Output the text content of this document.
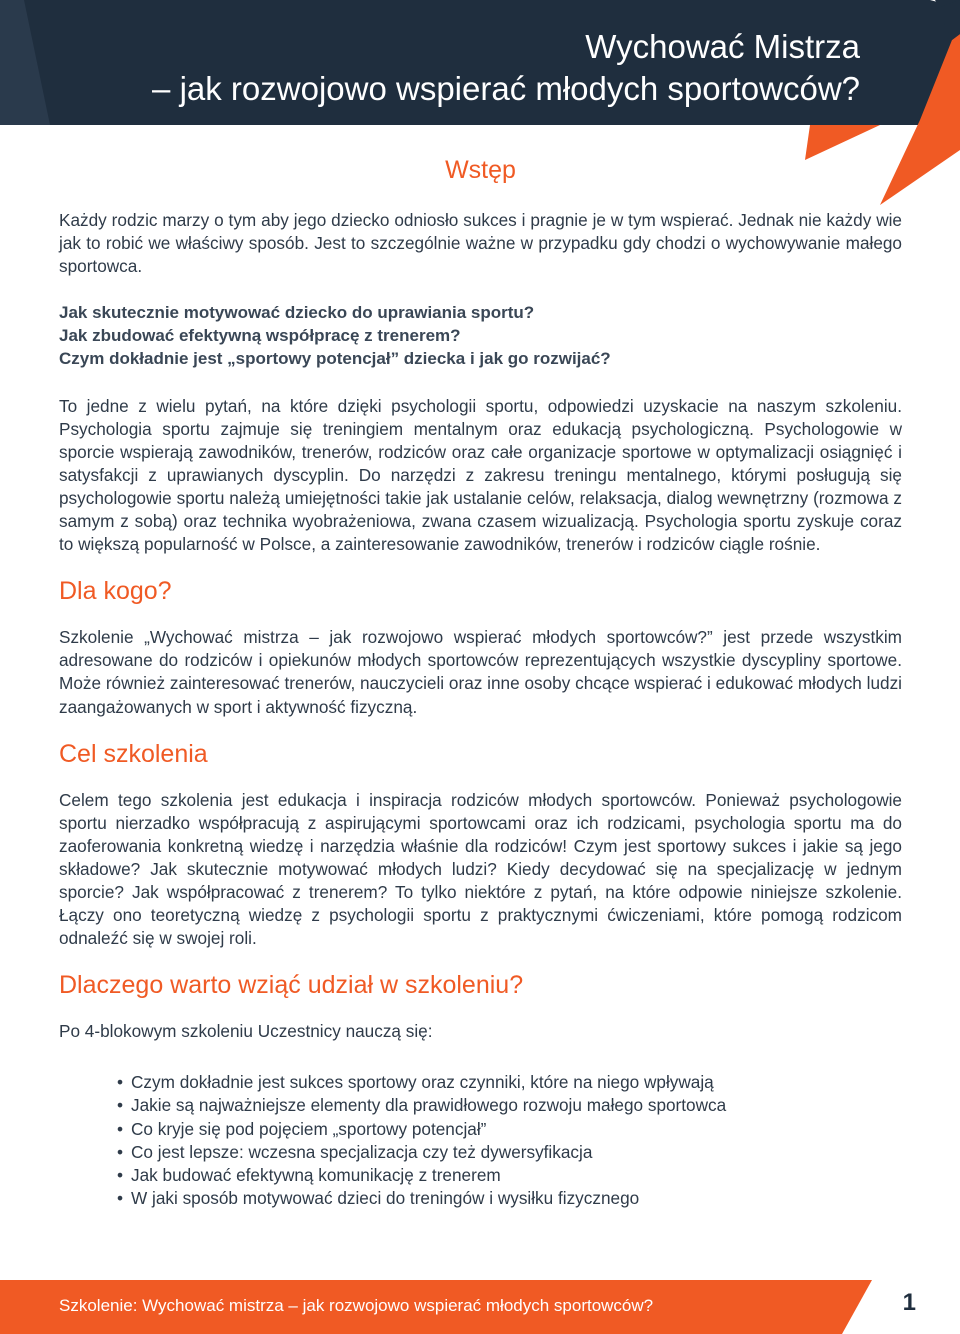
Wychować Mistrza
– jak rozwojowo wspierać młodych sportowców?
Wstęp

Każdy rodzic marzy o tym aby jego dziecko odniosło sukces i pragnie je w tym wspierać. Jednak nie każdy wie jak to robić we właściwy sposób. Jest to szczególnie ważne w przypadku gdy chodzi o wychowywanie małego sportowca.

Jak skutecznie motywować dziecko do uprawiania sportu?
Jak zbudować efektywną współpracę z trenerem?
Czym dokładnie jest „sportowy potencjał” dziecka i jak go rozwijać?

To jedne z wielu pytań, na które dzięki psychologii sportu, odpowiedzi uzyskacie na naszym szkoleniu. Psychologia sportu zajmuje się treningiem mentalnym oraz edukacją psychologiczną. Psychologowie w sporcie wspierają zawodników, trenerów, rodziców oraz całe organizacje sportowe w optymalizacji osiągnięć i satysfakcji z uprawianych dyscyplin. Do narzędzi z zakresu treningu mentalnego, którymi posługują się psychologowie sportu należą umiejętności takie jak ustalanie celów, relaksacja, dialog wewnętrzny (rozmowa z samym z sobą) oraz technika wyobrażeniowa, zwana czasem wizualizacją. Psychologia sportu zyskuje coraz to większą popularność w Polsce, a zainteresowanie zawodników, trenerów i rodziców ciągle rośnie.

Dla kogo?

Szkolenie „Wychować mistrza – jak rozwojowo wspierać młodych sportowców?” jest przede wszystkim adresowane do rodziców i opiekunów młodych sportowców reprezentujących wszystkie dyscypliny sportowe. Może również zainteresować trenerów, nauczycieli oraz inne osoby chcące wspierać i edukować młodych ludzi zaangażowanych w sport i aktywność fizyczną.

Cel szkolenia

Celem tego szkolenia jest edukacja i inspiracja rodziców młodych sportowców. Ponieważ psychologowie sportu nierzadko współpracują z aspirującymi sportowcami oraz ich rodzicami, psychologia sportu ma do zaoferowania konkretną wiedzę i narzędzia właśnie dla rodziców! Czym jest sportowy sukces i jakie są jego składowe? Jak skutecznie motywować młodych ludzi? Kiedy decydować się na specjalizację w jednym sporcie? Jak współpracować z trenerem? To tylko niektóre z pytań, na które odpowie niniejsze szkolenie. Łączy ono teoretyczną wiedzę z psychologii sportu z praktycznymi ćwiczeniami, które pomogą rodzicom odnaleźć się w swojej roli.

Dlaczego warto wziąć udział w szkoleniu?

Po 4-blokowym szkoleniu Uczestnicy nauczą się:

• Czym dokładnie jest sukces sportowy oraz czynniki, które na niego wpływają
• Jakie są najważniejsze elementy dla prawidłowego rozwoju małego sportowca
• Co kryje się pod pojęciem „sportowy potencjał”
• Co jest lepsze: wczesna specjalizacja czy też dywersyfikacja
• Jak budować efektywną komunikację z trenerem
• W jaki sposób motywować dzieci do treningów i wysiłku fizycznego
Szkolenie: Wychować mistrza – jak rozwojowo wspierać młodych sportowców?	1
